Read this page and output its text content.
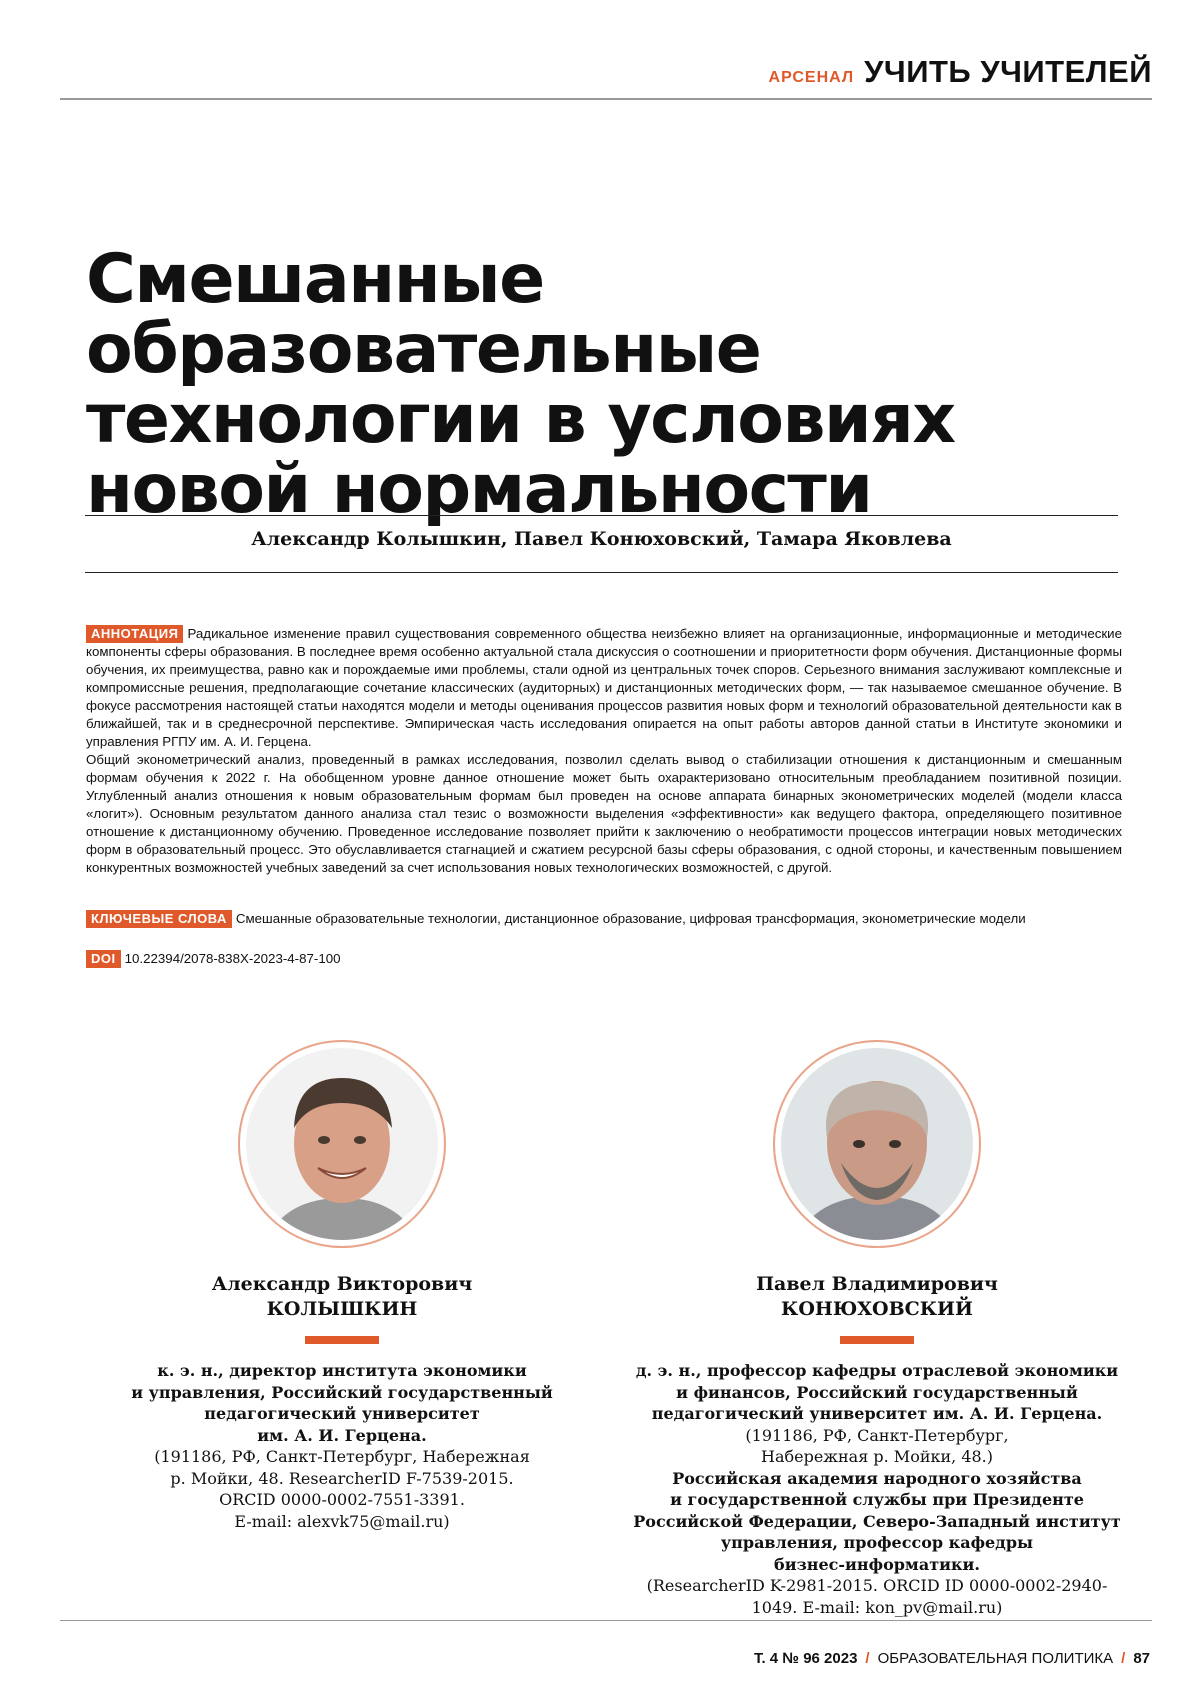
АРСЕНАЛ УЧИТЬ УЧИТЕЛЕЙ
Смешанные образовательные технологии в условиях новой нормальности
Александр Колышкин, Павел Конюховский, Тамара Яковлева

АННОТАЦИЯ Радикальное изменение правил существования современного общества неизбежно влияет на организационные, информационные и методические компоненты сферы образования. В последнее время особенно актуальной стала дискуссия о соотношении и приоритетности форм обучения. Дистанционные формы обучения, их преимущества, равно как и порождаемые ими проблемы, стали одной из центральных точек споров. Серьезного внимания заслуживают комплексные и компромиссные решения, предполагающие сочетание классических (аудиторных) и дистанционных методических форм, — так называемое смешанное обучение. В фокусе рассмотрения настоящей статьи находятся модели и методы оценивания процессов развития новых форм и технологий образовательной деятельности как в ближайшей, так и в среднесрочной перспективе. Эмпирическая часть исследования опирается на опыт работы авторов данной статьи в Институте экономики и управления РГПУ им. А. И. Герцена.

Общий эконометрический анализ, проведенный в рамках исследования, позволил сделать вывод о стабилизации отношения к дистанционным и смешанным формам обучения к 2022 г. На обобщенном уровне данное отношение может быть охарактеризовано относительным преобладанием позитивной позиции. Углубленный анализ отношения к новым образовательным формам был проведен на основе аппарата бинарных эконометрических моделей (модели класса «логит»). Основным результатом данного анализа стал тезис о возможности выделения «эффективности» как ведущего фактора, определяющего позитивное отношение к дистанционному обучению. Проведенное исследование позволяет прийти к заключению о необратимости процессов интеграции новых методических форм в образовательный процесс. Это обуславливается стагнацией и сжатием ресурсной базы сферы образования, с одной стороны, и качественным повышением конкурентных возможностей учебных заведений за счет использования новых технологических возможностей, с другой.

КЛЮЧЕВЫЕ СЛОВА Смешанные образовательные технологии, дистанционное образование, цифровая трансформация, эконометрические модели
DOI 10.22394/2078-838X-2023-4-87-100
Александр Викторович
КОЛЫШКИН
к. э. н., директор института экономики
и управления, Российский государственный
педагогический университет
им. А. И. Герцена.
(191186, РФ, Санкт-Петербург, Набережная
р. Мойки, 48. ResearcherID F-7539-2015.
ORCID 0000-0002-7551-3391.
E-mail: alexvk75@mail.ru)
Павел Владимирович
КОНЮХОВСКИЙ
д. э. н., профессор кафедры отраслевой экономики
и финансов, Российский государственный
педагогический университет им. А. И. Герцена.
(191186, РФ, Санкт-Петербург,
Набережная р. Мойки, 48.)
Российская академия народного хозяйства
и государственной службы при Президенте
Российской Федерации, Северо-Западный институт
управления, профессор кафедры
бизнес-информатики.
(ResearcherID K-2981-2015. ORCID ID 0000-0002-2940-
1049. E-mail: kon_pv@mail.ru)
Т. 4 № 96 2023 / ОБРАЗОВАТЕЛЬНАЯ ПОЛИТИКА / 87
